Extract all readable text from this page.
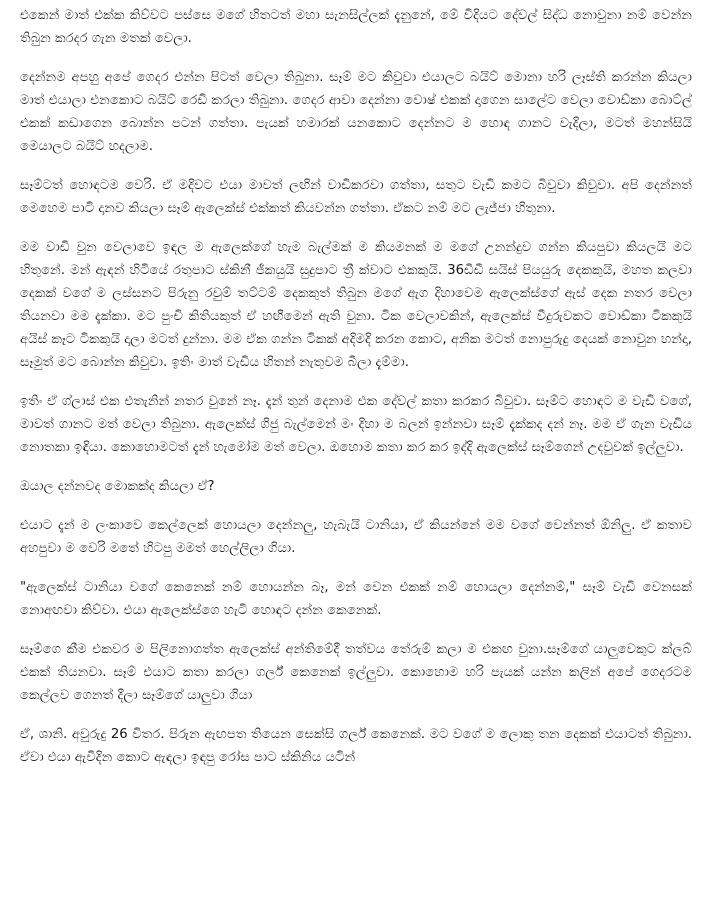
එකෙන් මාත් එක්ක කිව්වට පස්සෙ මගේ හිතටත් මහා සැනසිල්ලක් දැනුනේ, මේ විදියට දේවල් සිද්ධ නොවුනා නම් වෙන්න තිබුන කරදර ගැන මතක් වෙලා.

දෙන්නම අපහු අපේ ගෙදර එන්න පිටත් වෙලා තිබුනා. සෑම් මට කිවුවා එයාලට බයිට් මොනා හරි ලෑස්ති කරන්න කියලා මාත් එයාලා එනකොට බයිට් රෙඩි කරලා තිබුනා. ගෙදර ආවා දෙන්නා වොෂ් එකක් දාගෙන සාලේට වෙලා වොඩ්කා බොට්ල් එකක් කඩාගෙන බොන්න පටන් ගත්තා. පැයක් හමාරක් යනකොට දෙන්නට ම හොඳ ගානට වැදිලා, මටත් මහන්සියි මෙයාලට බයිට් හදලාම.

සෑම්ටත් හොඳටම වෙරි. ඒ මදිවට එයා මාවත් ලඟින් වාඩිකරවා ගත්තා, සතුට වැඩි කමට බිවුවා කිවුවා. අපි දෙන්නත් මෙහෙම පාටි දානව කියලා සෑම් ඇලෙක්ස් එක්කත් කියවන්න ගත්තා. ඒකට නම් මට ලැජ්ජා හිතුනා.

මම වාඩි වුන වෙලාවෙ ඉඳල ම ඇලෙක්ගේ හැම බැල්මක් ම කියමනක් ම මගේ උනන්දුව ගන්න කියපුවා කියලයි මට හිතුනේ. මන් ඇඳන් හිටියේ රතුපාට ස්කිනී ජීකයුයි සුදුපාට ත්‍රී ක්වාට එකකුයි. 36ඩීඩී සයිස් පියයුරු දෙකකුයි, මහත කලවා දෙකක් වගේ ම ලස්සනට පිරුනු රවුම් තට්ටම් දෙකකුත් තිබුන මගේ ඇග දිහාවෙම ඇලෙක්ස්ගේ ඇස් දෙක නතර වෙලා තියනවා මම දැක්කා. මට පුංචි කිතියකුත් ඒ හඟීමෙන් ඇති වුනා. ටික වෙලාවකින්, ඇලෙක්ස් වීදුරුවකට වොඩ්කා ටිකකුයි අයිස් කෑට ටිකකුයි දාලා මටත් දුන්නා. මම ඒක ගන්න ටිකක් අදිමදි කරන කොට, අනික මටත් නොපුරුදු දෙයක් නොවුන හන්දා, සෑමුත් මට බොන්න කිවුවා. ඉතිං මාත් වැඩිය හිතන් නැතුවම බීලා දැම්මා.

ඉතිං ඒ ග්ලාස් එක එතැනින් නතර වුනේ නෑ. දැන් තුන් දෙනාම එක දේවල් කතා කරකර බිවුවා. සෑම්ට හොඳට ම වැඩි වගේ, මාවත් ගානට මත් වෙලා තිබුනා. ඇලෙක්ස් ගිජු බැල්මෙන් මං දිහා ම බලන් ඉන්නවා සෑම් දැක්කද දන් නෑ. මම ඒ ගැන වැඩිය නොතකා ඉඳියා. කොහොමටත් දැන් හැමෝම මත් වෙලා. ඔහොම කතා කර කර ඉද්දි ඇලෙක්ස් සෑම්ගෙන් උදවුවක් ඉල්ලුවා.

ඔයාල දන්නවද මොකක්ද කියලා ඒ?

එයාට දැන් ම ලංකාවෙ කෙල්ලෙක් හොයලා දෙන්නලු, හැබැයි ටානියා, ඒ කියන්නේ මම වගේ වෙන්නත් ඕනිලු. ඒ කතාව අහපුවා ම වෙරි මතේ හිටපු මමත් හෙල්ලිලා ගියා.

"ඇලෙක්ස් ටානියා වගේ කෙනෙක් නම් හොයන්න බෑ, මන් වෙන එකක් නම් හොයලා දෙන්නම්," සෑම් වැඩි වෙනසක් නොඅඟවා කිව්වා. එයා ඇලෙක්ස්ගෙ හැටි හොඳට දන්න කෙනෙක්.

සෑම්ගෙ කීම එකවර ම පිලිනොගත්ත ඇලෙක්ස් අන්තිමේදී තත්වය තේරුම් කලා ම එකඟ වුනා.සෑම්ගේ යාලුවෙකුට ක්ලබ් එකක් තියනවා. සෑම් එයාට කතා කරලා ගර්ල් කෙනෙක් ඉල්ලුවා. කොහොම හරි පැයක් යන්න කලින් අපේ ගෙදරටම කෙල්ලව ගෙනත් දීලා සෑම්ගේ යාලුවා ගියා

ඒ, ශානි. අවුරුදු 26 විතර. පිරුන ඇඟපත තියෙන සෙක්සි ගර්ල් කෙනෙක්. මට වගේ ම ලොකු තන දෙකක් එයාටත් තිබුනා. ඒවා එයා ඇවිදින කොට ඇඳලා ඉඳපු රෝස පාට ස්කිනිය යටින්
